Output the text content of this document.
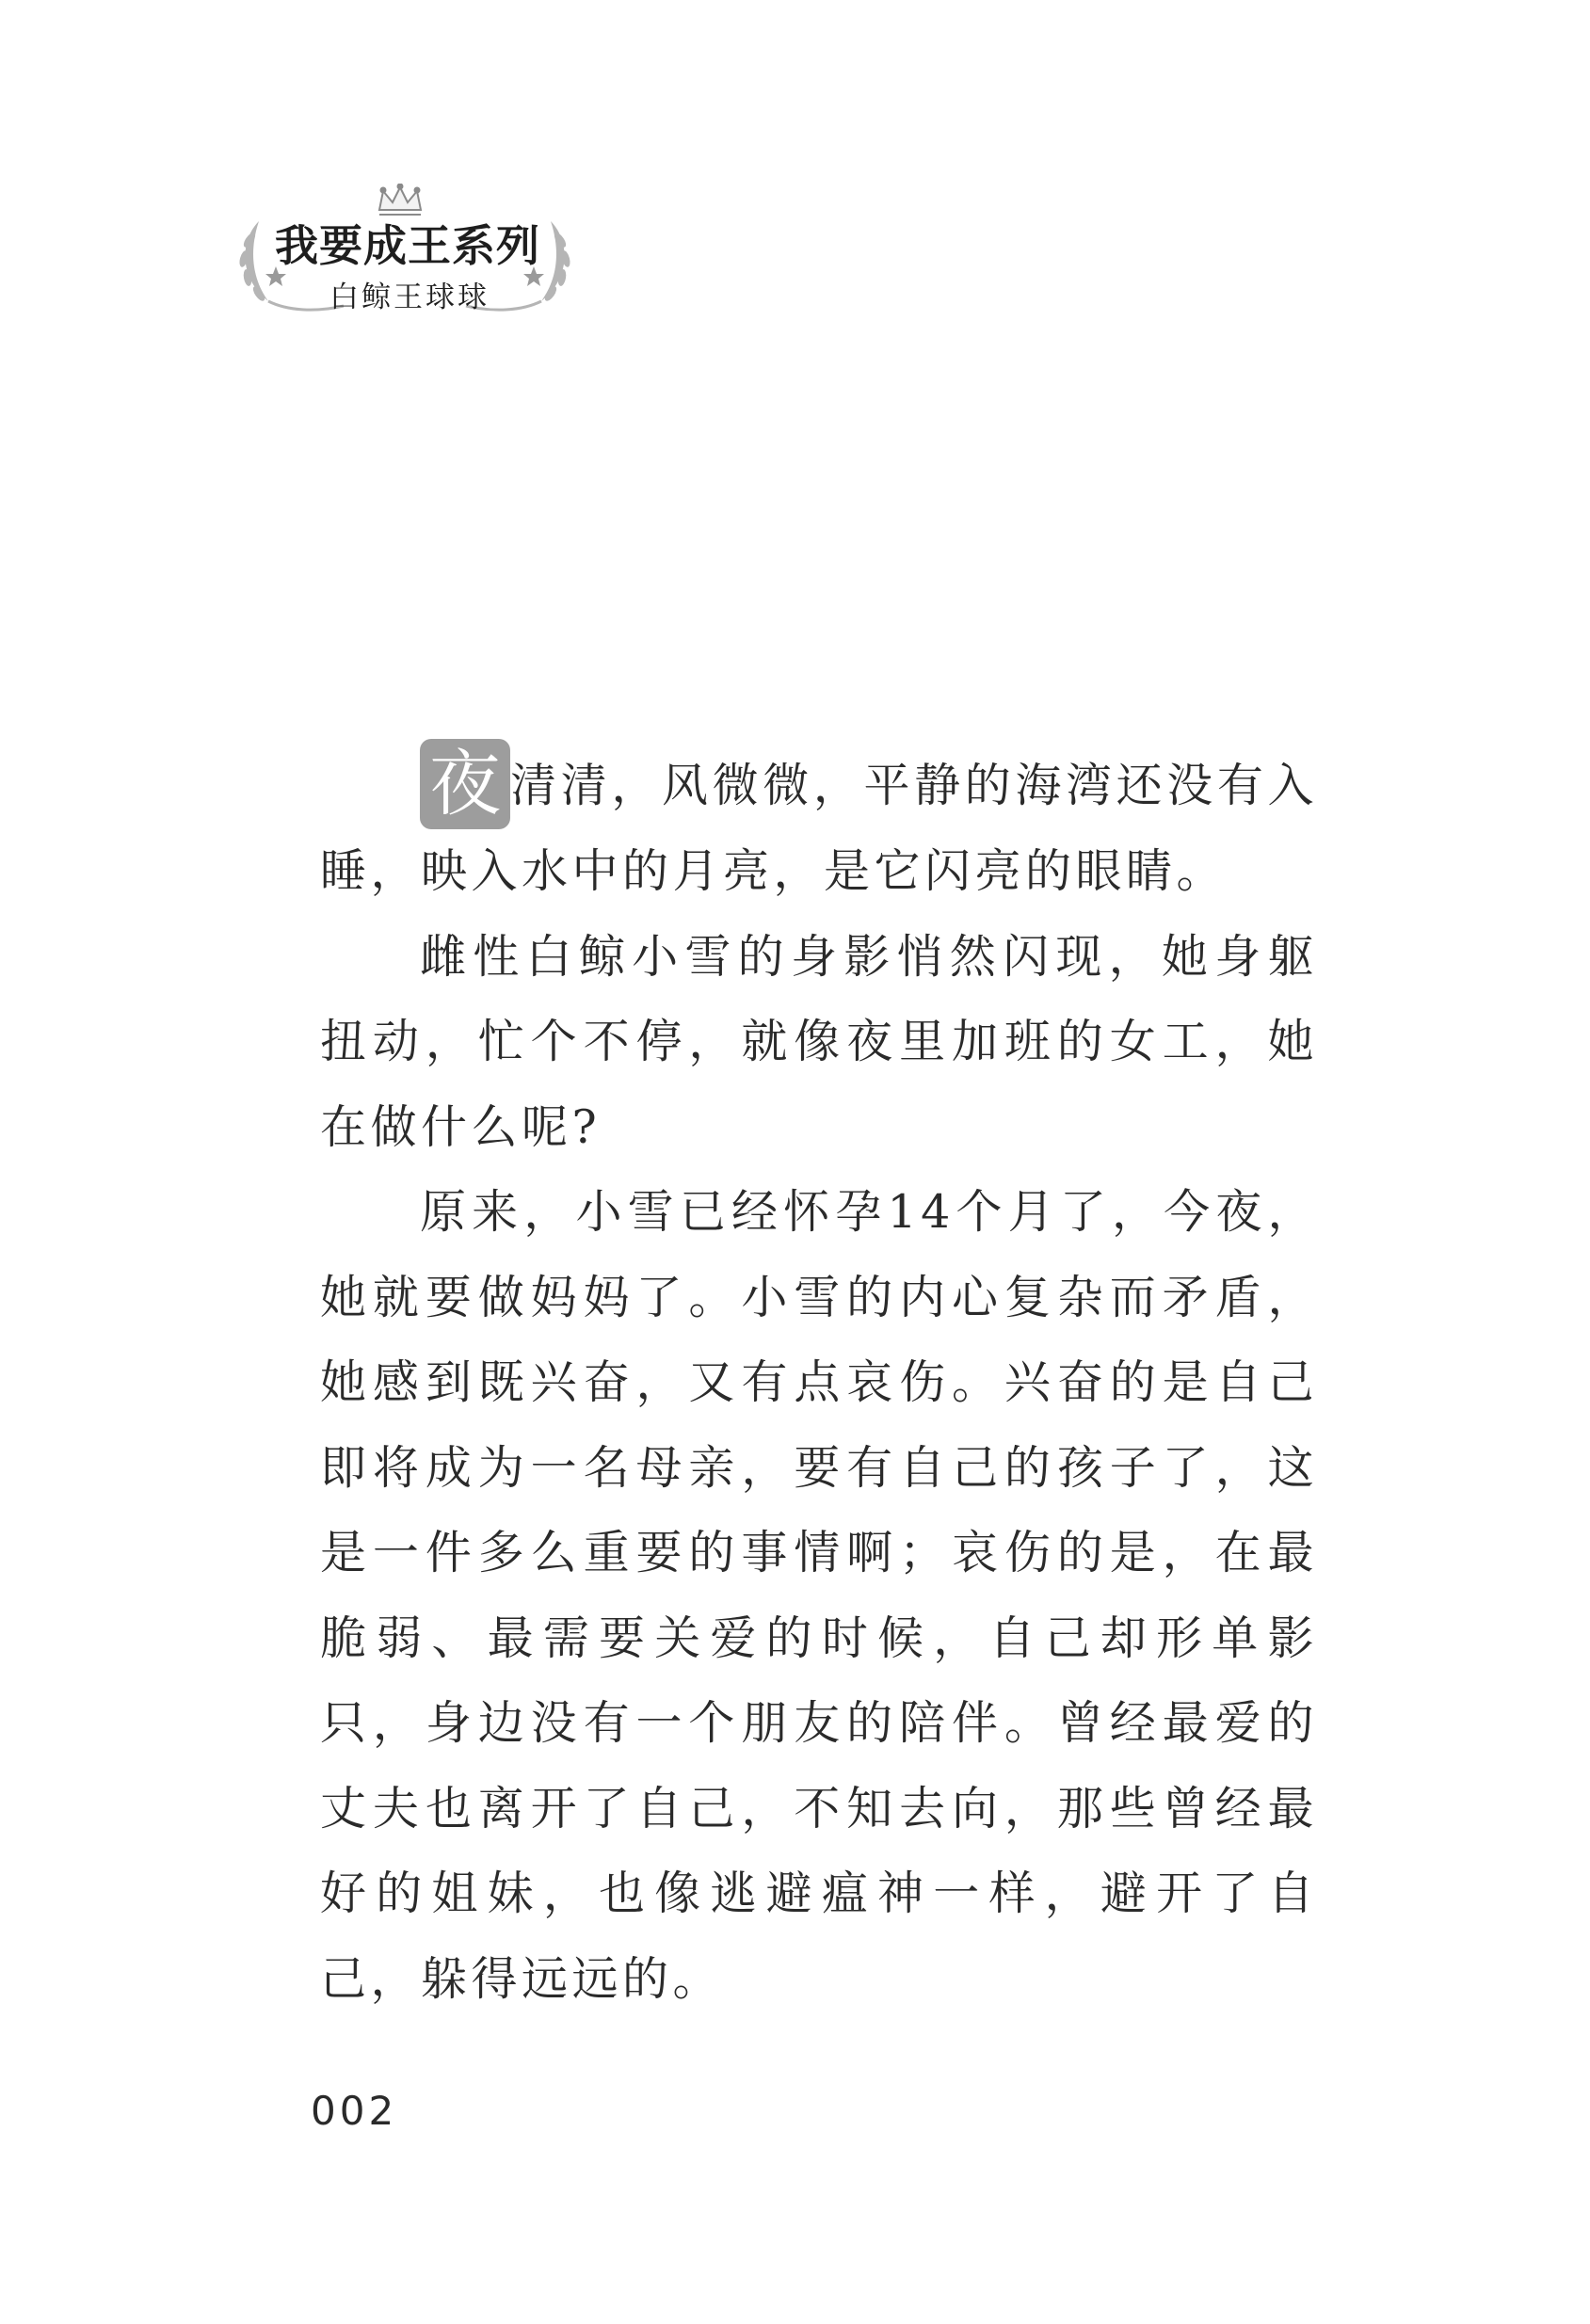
我要成王系列
白鲸王球球

夜 清清，风微微，平静的海湾还没有入睡，映入水中的月亮，是它闪亮的眼睛。

雌性白鲸小雪的身影悄然闪现，她身躯扭动，忙个不停，就像夜里加班的女工，她在做什么呢?

原来，小雪已经怀孕14个月了，今夜，她就要做妈妈了。小雪的内心复杂而矛盾，她感到既兴奋，又有点哀伤。兴奋的是自己即将成为一名母亲，要有自己的孩子了，这是一件多么重要的事情啊；哀伤的是，在最脆弱、最需要关爱的时候，自己却形单影只，身边没有一个朋友的陪伴。曾经最爱的丈夫也离开了自己，不知去向，那些曾经最好的姐妹，也像逃避瘟神一样，避开了自己，躲得远远的。

002
